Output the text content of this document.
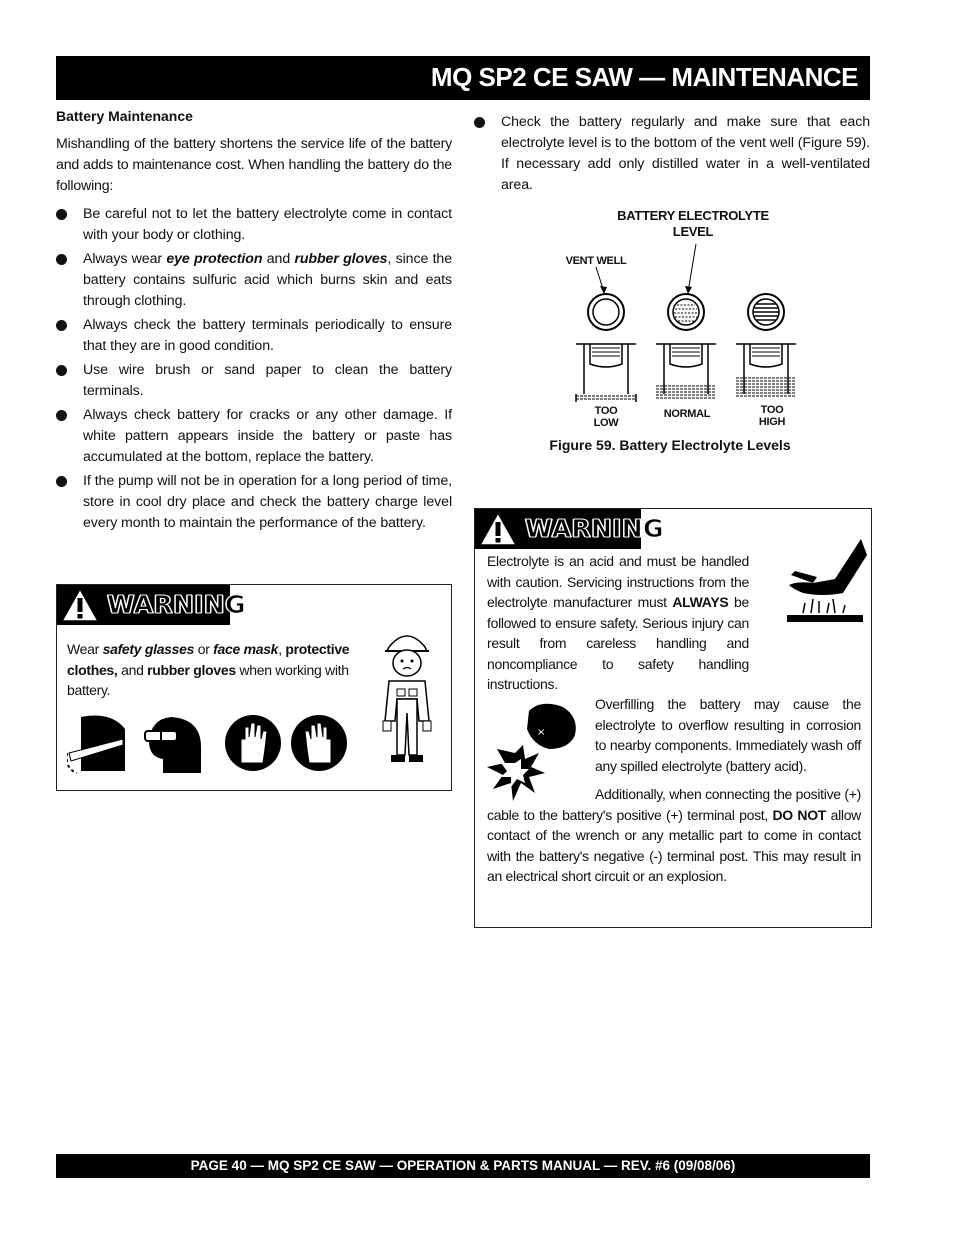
MQ SP2 CE SAW — MAINTENANCE
Battery Maintenance

Mishandling of the battery shortens the service life of the battery and adds to maintenance cost. When handling the battery do the following:

Be careful not to let the battery electrolyte come in contact with your body or clothing.
Always wear eye protection and rubber gloves, since the battery contains sulfuric acid which burns skin and eats through clothing.
Always check the battery terminals periodically to ensure that they are in good condition.
Use wire brush or sand paper to clean the battery terminals.
Always check battery for cracks or any other damage. If white pattern appears inside the battery or paste has accumulated at the bottom, replace the battery.
If the pump will not be in operation for a long period of time, store in cool dry place and check the battery charge level every month to maintain the performance of the battery.
WARNING
Wear safety glasses or face mask, protective clothes, and rubber gloves when working with battery.
Check the battery regularly and make sure that each electrolyte level is to the bottom of the vent well (Figure 59). If necessary add only distilled water in a well-ventilated area.
BATTERY ELECTROLYTE
LEVEL
VENT WELL
TOO
LOW
NORMAL	TOO
HIGH
Figure 59. Battery Electrolyte Levels
WARNING
Electrolyte is an acid and must be handled with caution. Servicing instructions from the electrolyte manufacturer must ALWAYS be followed to ensure safety. Serious injury can result from careless handling and noncompliance to safety handling instructions.
×
Overfilling the battery may cause the electrolyte to overflow resulting in corrosion to nearby components. Immediately wash off any spilled electrolyte (battery acid).
Additionally, when connecting the positive (+) cable to the battery's positive (+) terminal post, DO NOT allow contact of the wrench or any metallic part to come in contact with the battery's negative (-) terminal post. This may result in an electrical short circuit or an explosion.
PAGE 40 — MQ SP2 CE SAW — OPERATION & PARTS MANUAL — REV. #6 (09/08/06)
